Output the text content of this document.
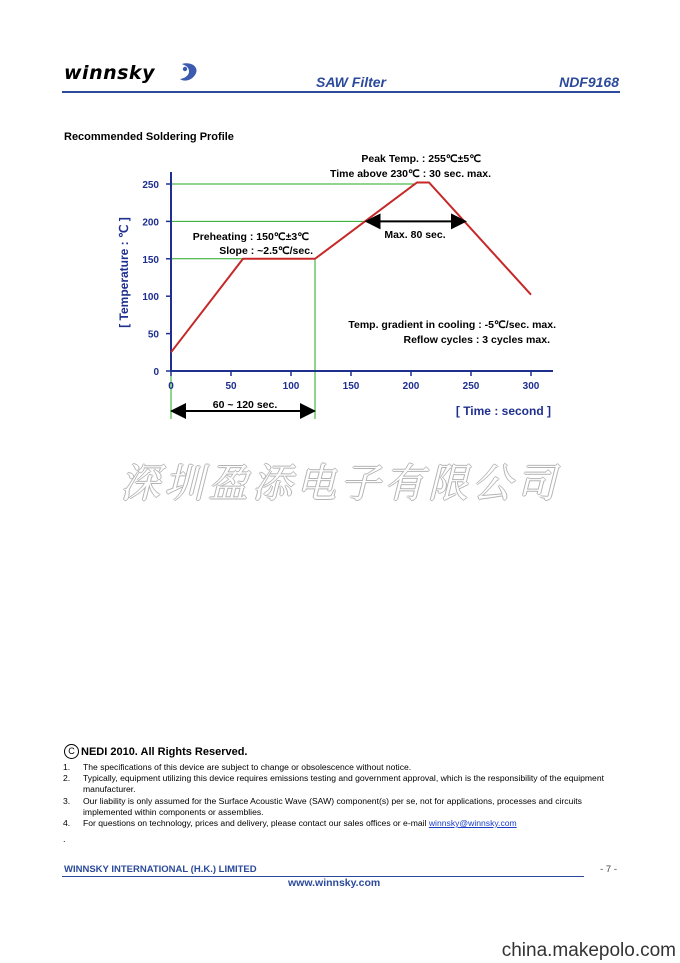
winnsky	SAW Filter	NDF9168
Recommended Soldering Profile
0
50
100
150
200
250
0	50	100	150	200	250	300
[ Temperature : ℃ ]
[ Time : second ]
Peak Temp. : 255℃±5℃
Time above 230℃ : 30 sec. max.
Preheating : 150℃±3℃
Slope : ~2.5℃/sec.
Max. 80 sec.
60 ~ 120 sec.
Temp. gradient in cooling : -5℃/sec. max.
Reflow cycles : 3 cycles max.
深圳盈添电子有限公司
C NEDI 2010. All Rights Reserved.
1.	The specifications of this device are subject to change or obsolescence without notice.
2.	Typically, equipment utilizing this device requires emissions testing and government approval, which is the responsibility of the equipment manufacturer.
3.	Our liability is only assumed for the Surface Acoustic Wave (SAW) component(s) per se, not for applications, processes and circuits implemented within components or assemblies.
4.	For questions on technology, prices and delivery, please contact our sales offices or e-mail winnsky@winnsky.com
.
WINNSKY INTERNATIONAL (H.K.) LIMITED	- 7 -
www.winnsky.com
china.makepolo.com
